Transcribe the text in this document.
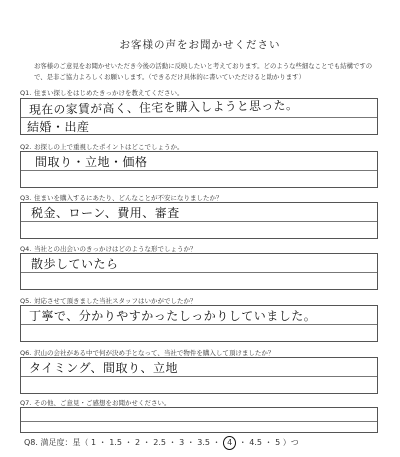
お客様の声をお聞かせください
お客様のご意見をお聞かせいただき今後の活動に反映したいと考えております。どのような些細なことでも結構ですので、是非ご協力よろしくお願いします。（できるだけ具体的に書いていただけると助かります）
Q1. 住まい探しをはじめたきっかけを教えてください。
現在の家賃が高く、住宅を購入しようと思った。
結婚・出産
Q2. お探しの上で重視したポイントはどこでしょうか。
間取り・立地・価格
Q3. 住まいを購入するにあたり、どんなことが不安になりましたか？
税金、ローン、費用、審査
Q4. 当社との出会いのきっかけはどのような形でしょうか？
散歩していたら
Q5. 対応させて頂きました当社スタッフはいかがでしたか？
丁寧で、分かりやすかったしっかりしていました。
Q6. 沢山の会社がある中で何が決め手となって、当社で物件を購入して頂けましたか？
タイミング、間取り、立地
Q7. その他、ご意見・ご感想をお聞かせください。
Q8. 満足度：星（ 1 ・ 1.5 ・ 2 ・ 2.5 ・ 3 ・ 3.5 ・ 4 ・ 4.5 ・ 5 ）つ
